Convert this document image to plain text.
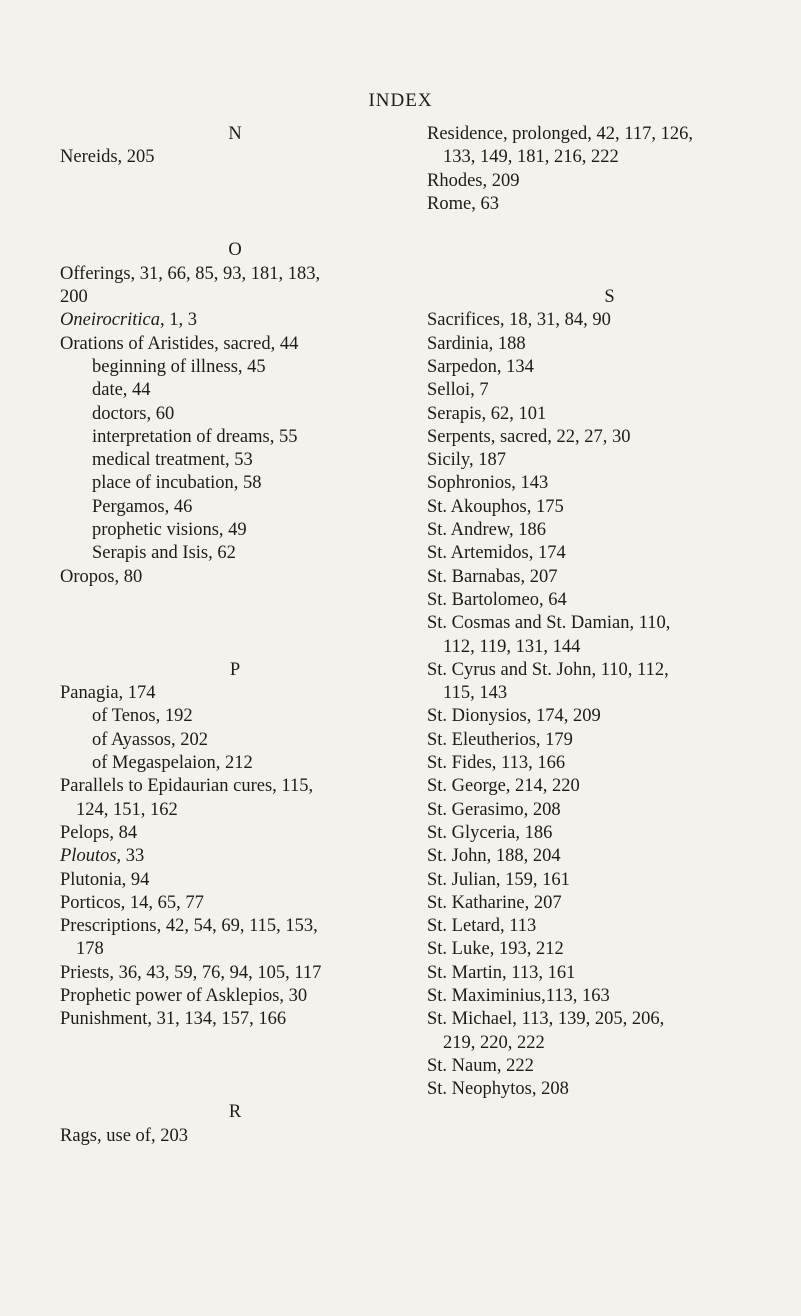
INDEX
N
Nereids, 205
O
Offerings, 31, 66, 85, 93, 181, 183,
200
Oneirocritica, 1, 3
Orations of Aristides, sacred, 44
beginning of illness, 45
date, 44
doctors, 60
interpretation of dreams, 55
medical treatment, 53
place of incubation, 58
Pergamos, 46
prophetic visions, 49
Serapis and Isis, 62
Oropos, 80
P
Panagia, 174
of Tenos, 192
of Ayassos, 202
of Megaspelaion, 212
Parallels to Epidaurian cures, 115,
124, 151, 162
Pelops, 84
Ploutos, 33
Plutonia, 94
Porticos, 14, 65, 77
Prescriptions, 42, 54, 69, 115, 153,
178
Priests, 36, 43, 59, 76, 94, 105, 117
Prophetic power of Asklepios, 30
Punishment, 31, 134, 157, 166
R
Rags, use of, 203
Residence, prolonged, 42, 117, 126,
133, 149, 181, 216, 222
Rhodes, 209
Rome, 63
S
Sacrifices, 18, 31, 84, 90
Sardinia, 188
Sarpedon, 134
Selloi, 7
Serapis, 62, 101
Serpents, sacred, 22, 27, 30
Sicily, 187
Sophronios, 143
St. Akouphos, 175
St. Andrew, 186
St. Artemidos, 174
St. Barnabas, 207
St. Bartolomeo, 64
St. Cosmas and St. Damian, 110,
112, 119, 131, 144
St. Cyrus and St. John, 110, 112,
115, 143
St. Dionysios, 174, 209
St. Eleutherios, 179
St. Fides, 113, 166
St. George, 214, 220
St. Gerasimo, 208
St. Glyceria, 186
St. John, 188, 204
St. Julian, 159, 161
St. Katharine, 207
St. Letard, 113
St. Luke, 193, 212
St. Martin, 113, 161
St. Maximinius,113, 163
St. Michael, 113, 139, 205, 206,
219, 220, 222
St. Naum, 222
St. Neophytos, 208
